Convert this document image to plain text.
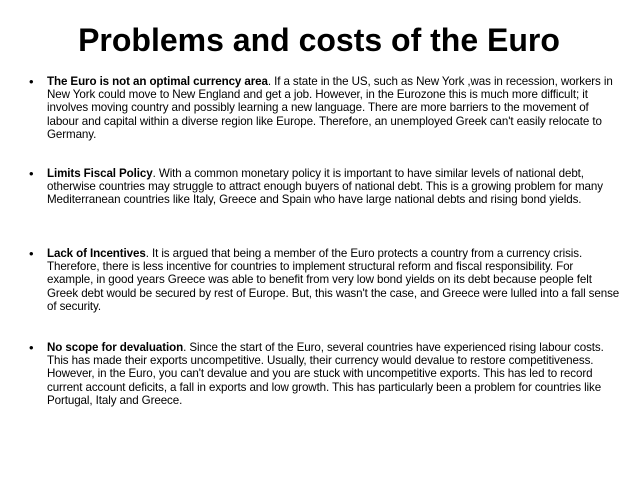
Problems and costs of the Euro
• The Euro is not an optimal currency area. If a state in the US, such as New York ,was in recession, workers in New York could move to New England and get a job. However, in the Eurozone this is much more difficult; it involves moving country and possibly learning a new language. There are more barriers to the movement of labour and capital within a diverse region like Europe. Therefore, an unemployed Greek can't easily relocate to Germany.
• Limits Fiscal Policy. With a common monetary policy it is important to have similar levels of national debt, otherwise countries may struggle to attract enough buyers of national debt. This is a growing problem for many Mediterranean countries like Italy, Greece and Spain who have large national debts and rising bond yields.
• Lack of Incentives. It is argued that being a member of the Euro protects a country from a currency crisis. Therefore, there is less incentive for countries to implement structural reform and fiscal responsibility. For example, in good years Greece was able to benefit from very low bond yields on its debt because people felt Greek debt would be secured by rest of Europe. But, this wasn't the case, and Greece were lulled into a fall sense of security.
• No scope for devaluation. Since the start of the Euro, several countries have experienced rising labour costs. This has made their exports uncompetitive. Usually, their currency would devalue to restore competitiveness. However, in the Euro, you can't devalue and you are stuck with uncompetitive exports. This has led to record current account deficits, a fall in exports and low growth. This has particularly been a problem for countries like Portugal, Italy and Greece.
